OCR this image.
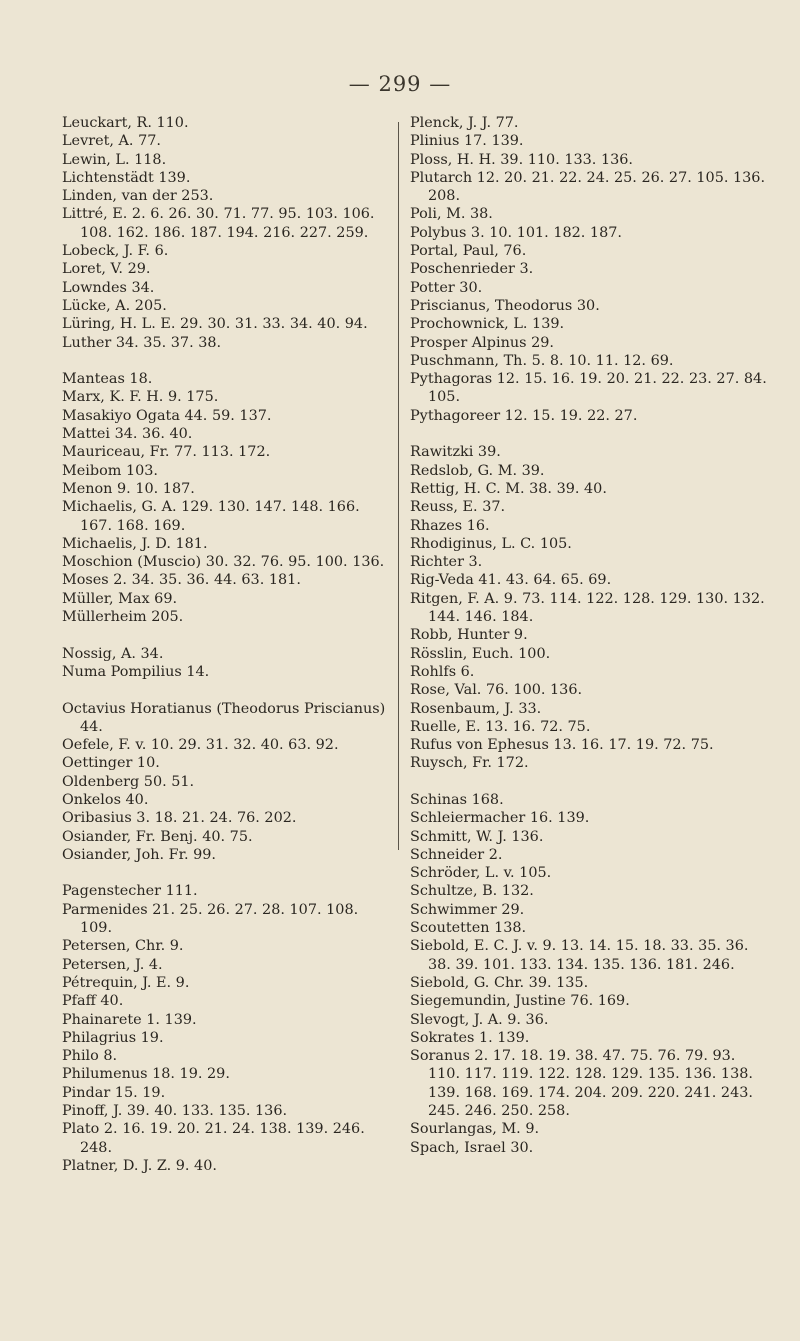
— 299 —
Leuckart, R. 110.
Levret, A. 77.
Lewin, L. 118.
Lichtenstädt 139.
Linden, van der 253.
Littré, E. 2. 6. 26. 30. 71. 77. 95. 103. 106. 108. 162. 186. 187. 194. 216. 227. 259.
Lobeck, J. F. 6.
Loret, V. 29.
Lowndes 34.
Lücke, A. 205.
Lüring, H. L. E. 29. 30. 31. 33. 34. 40. 94.
Luther 34. 35. 37. 38.
Manteas 18.
Marx, K. F. H. 9. 175.
Masakiyo Ogata 44. 59. 137.
Mattei 34. 36. 40.
Mauriceau, Fr. 77. 113. 172.
Meibom 103.
Menon 9. 10. 187.
Michaelis, G. A. 129. 130. 147. 148. 166. 167. 168. 169.
Michaelis, J. D. 181.
Moschion (Muscio) 30. 32. 76. 95. 100. 136.
Moses 2. 34. 35. 36. 44. 63. 181.
Müller, Max 69.
Müllerheim 205.
Nossig, A. 34.
Numa Pompilius 14.
Octavius Horatianus (Theodorus Priscianus) 44.
Oefele, F. v. 10. 29. 31. 32. 40. 63. 92.
Oettinger 10.
Oldenberg 50. 51.
Onkelos 40.
Oribasius 3. 18. 21. 24. 76. 202.
Osiander, Fr. Benj. 40. 75.
Osiander, Joh. Fr. 99.
Pagenstecher 111.
Parmenides 21. 25. 26. 27. 28. 107. 108. 109.
Petersen, Chr. 9.
Petersen, J. 4.
Pétrequin, J. E. 9.
Pfaff 40.
Phainarete 1. 139.
Philagrius 19.
Philo 8.
Philumenus 18. 19. 29.
Pindar 15. 19.
Pinoff, J. 39. 40. 133. 135. 136.
Plato 2. 16. 19. 20. 21. 24. 138. 139. 246. 248.
Platner, D. J. Z. 9. 40.
Plenck, J. J. 77.
Plinius 17. 139.
Ploss, H. H. 39. 110. 133. 136.
Plutarch 12. 20. 21. 22. 24. 25. 26. 27. 105. 136. 208.
Poli, M. 38.
Polybus 3. 10. 101. 182. 187.
Portal, Paul, 76.
Poschenrieder 3.
Potter 30.
Priscianus, Theodorus 30.
Prochownick, L. 139.
Prosper Alpinus 29.
Puschmann, Th. 5. 8. 10. 11. 12. 69.
Pythagoras 12. 15. 16. 19. 20. 21. 22. 23. 27. 84. 105.
Pythagoreer 12. 15. 19. 22. 27.
Rawitzki 39.
Redslob, G. M. 39.
Rettig, H. C. M. 38. 39. 40.
Reuss, E. 37.
Rhazes 16.
Rhodiginus, L. C. 105.
Richter 3.
Rig-Veda 41. 43. 64. 65. 69.
Ritgen, F. A. 9. 73. 114. 122. 128. 129. 130. 132. 144. 146. 184.
Robb, Hunter 9.
Rösslin, Euch. 100.
Rohlfs 6.
Rose, Val. 76. 100. 136.
Rosenbaum, J. 33.
Ruelle, E. 13. 16. 72. 75.
Rufus von Ephesus 13. 16. 17. 19. 72. 75.
Ruysch, Fr. 172.
Schinas 168.
Schleiermacher 16. 139.
Schmitt, W. J. 136.
Schneider 2.
Schröder, L. v. 105.
Schultze, B. 132.
Schwimmer 29.
Scoutetten 138.
Siebold, E. C. J. v. 9. 13. 14. 15. 18. 33. 35. 36. 38. 39. 101. 133. 134. 135. 136. 181. 246.
Siebold, G. Chr. 39. 135.
Siegemundin, Justine 76. 169.
Slevogt, J. A. 9. 36.
Sokrates 1. 139.
Soranus 2. 17. 18. 19. 38. 47. 75. 76. 79. 93. 110. 117. 119. 122. 128. 129. 135. 136. 138. 139. 168. 169. 174. 204. 209. 220. 241. 243. 245. 246. 250. 258.
Sourlangas, M. 9.
Spach, Israel 30.
